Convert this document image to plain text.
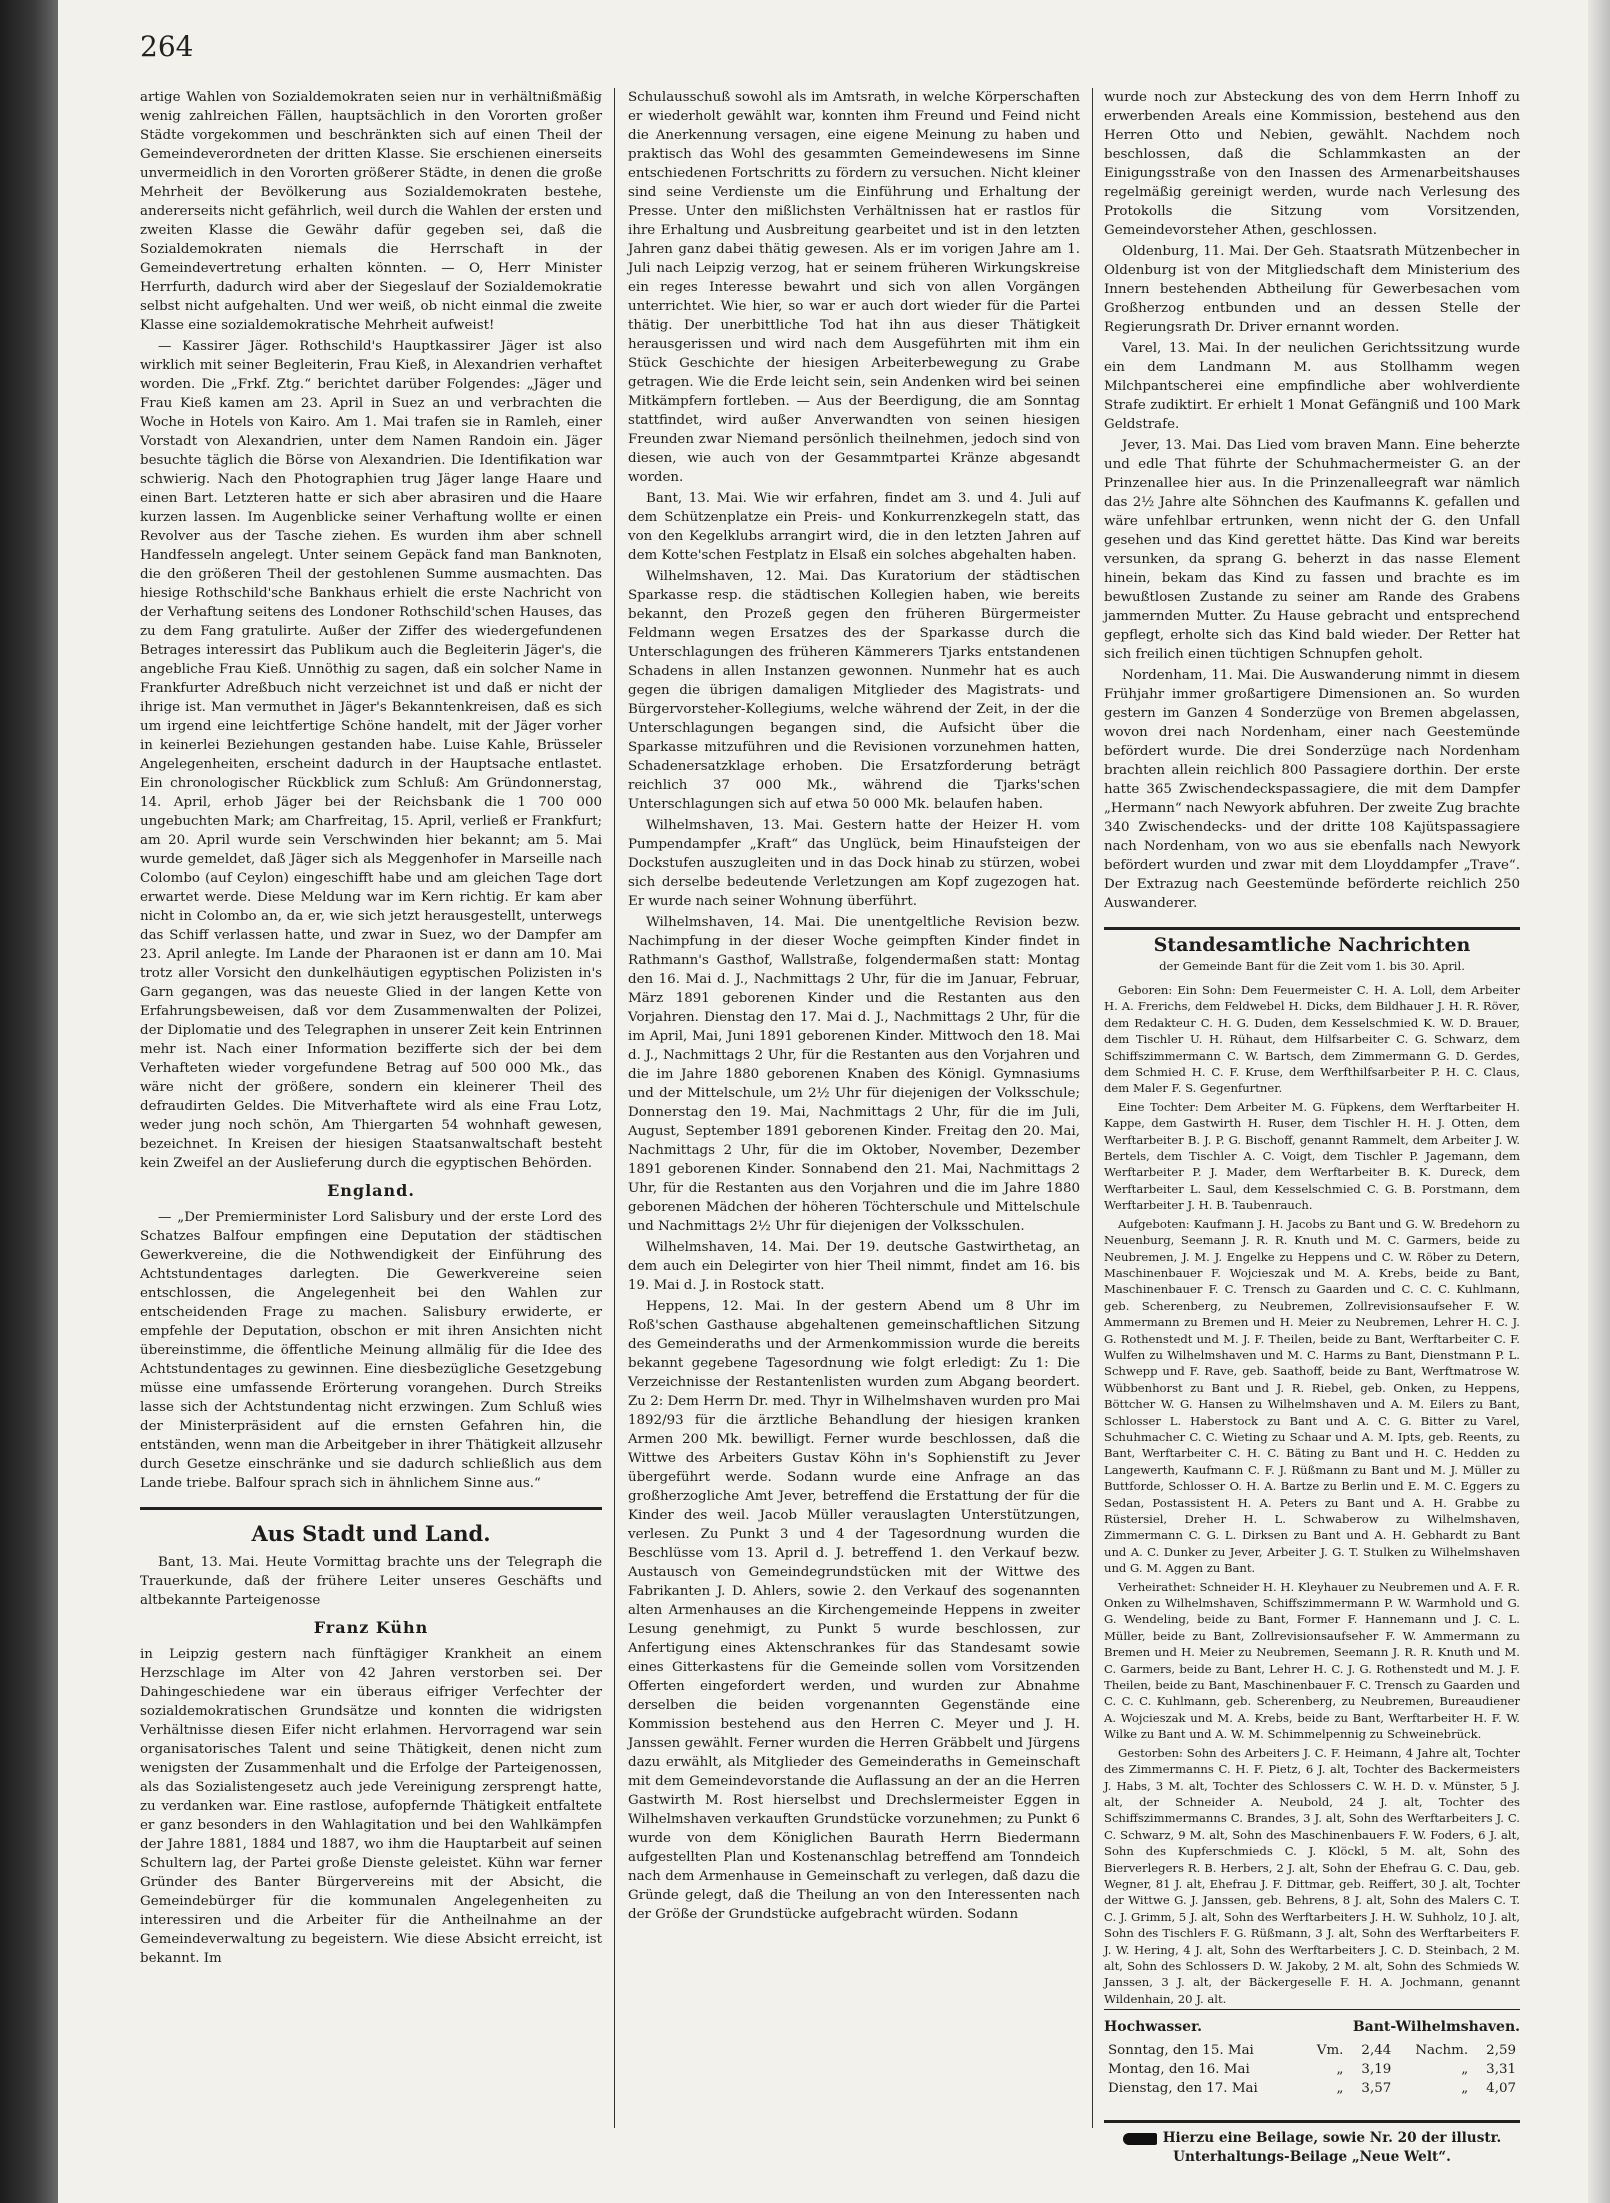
264

artige Wahlen von Sozialdemokraten seien nur in verhältnißmäßig wenig zahlreichen Fällen, hauptsächlich in den Vororten großer Städte vorgekommen und beschränkten sich auf einen Theil der Gemeindeverordneten der dritten Klasse. Sie erschienen einerseits unvermeidlich in den Vororten größerer Städte, in denen die große Mehrheit der Bevölkerung aus Sozialdemokraten bestehe, andererseits nicht gefährlich, weil durch die Wahlen der ersten und zweiten Klasse die Gewähr dafür gegeben sei, daß die Sozialdemokraten niemals die Herrschaft in der Gemeindevertretung erhalten könnten. — O, Herr Minister Herrfurth, dadurch wird aber der Siegeslauf der Sozialdemokratie selbst nicht aufgehalten. Und wer weiß, ob nicht einmal die zweite Klasse eine sozialdemokratische Mehrheit aufweist!

— Kassirer Jäger. Rothschild's Hauptkassirer Jäger ist also wirklich mit seiner Begleiterin, Frau Kieß, in Alexandrien verhaftet worden. Die „Frkf. Ztg.“ berichtet darüber Folgendes: „Jäger und Frau Kieß kamen am 23. April in Suez an und verbrachten die Woche in Hotels von Kairo. Am 1. Mai trafen sie in Ramleh, einer Vorstadt von Alexandrien, unter dem Namen Randoin ein. Jäger besuchte täglich die Börse von Alexandrien. Die Identifikation war schwierig. Nach den Photographien trug Jäger lange Haare und einen Bart. Letzteren hatte er sich aber abrasiren und die Haare kurzen lassen. Im Augenblicke seiner Verhaftung wollte er einen Revolver aus der Tasche ziehen. Es wurden ihm aber schnell Handfesseln angelegt. Unter seinem Gepäck fand man Banknoten, die den größeren Theil der gestohlenen Summe ausmachten. Das hiesige Rothschild'sche Bankhaus erhielt die erste Nachricht von der Verhaftung seitens des Londoner Rothschild'schen Hauses, das zu dem Fang gratulirte. Außer der Ziffer des wiedergefundenen Betrages interessirt das Publikum auch die Begleiterin Jäger's, die angebliche Frau Kieß. Unnöthig zu sagen, daß ein solcher Name in Frankfurter Adreßbuch nicht verzeichnet ist und daß er nicht der ihrige ist. Man vermuthet in Jäger's Bekanntenkreisen, daß es sich um irgend eine leichtfertige Schöne handelt, mit der Jäger vorher in keinerlei Beziehungen gestanden habe. Luise Kahle, Brüsseler Angelegenheiten, erscheint dadurch in der Hauptsache entlastet. Ein chronologischer Rückblick zum Schluß: Am Gründonnerstag, 14. April, erhob Jäger bei der Reichsbank die 1 700 000 ungebuchten Mark; am Charfreitag, 15. April, verließ er Frankfurt; am 20. April wurde sein Verschwinden hier bekannt; am 5. Mai wurde gemeldet, daß Jäger sich als Meggenhofer in Marseille nach Colombo (auf Ceylon) eingeschifft habe und am gleichen Tage dort erwartet werde. Diese Meldung war im Kern richtig. Er kam aber nicht in Colombo an, da er, wie sich jetzt herausgestellt, unterwegs das Schiff verlassen hatte, und zwar in Suez, wo der Dampfer am 23. April anlegte. Im Lande der Pharaonen ist er dann am 10. Mai trotz aller Vorsicht den dunkelhäutigen egyptischen Polizisten in's Garn gegangen, was das neueste Glied in der langen Kette von Erfahrungsbeweisen, daß vor dem Zusammenwalten der Polizei, der Diplomatie und des Telegraphen in unserer Zeit kein Entrinnen mehr ist. Nach einer Information bezifferte sich der bei dem Verhafteten wieder vorgefundene Betrag auf 500 000 Mk., das wäre nicht der größere, sondern ein kleinerer Theil des defraudirten Geldes. Die Mitverhaftete wird als eine Frau Lotz, weder jung noch schön, Am Thiergarten 54 wohnhaft gewesen, bezeichnet. In Kreisen der hiesigen Staatsanwaltschaft besteht kein Zweifel an der Auslieferung durch die egyptischen Behörden.

England.

— „Der Premierminister Lord Salisbury und der erste Lord des Schatzes Balfour empfingen eine Deputation der städtischen Gewerkvereine, die die Nothwendigkeit der Einführung des Achtstundentages darlegten. Die Gewerkvereine seien entschlossen, die Angelegenheit bei den Wahlen zur entscheidenden Frage zu machen. Salisbury erwiderte, er empfehle der Deputation, obschon er mit ihren Ansichten nicht übereinstimme, die öffentliche Meinung allmälig für die Idee des Achtstundentages zu gewinnen. Eine diesbezügliche Gesetzgebung müsse eine umfassende Erörterung vorangehen. Durch Streiks lasse sich der Achtstundentag nicht erzwingen. Zum Schluß wies der Ministerpräsident auf die ernsten Gefahren hin, die entständen, wenn man die Arbeitgeber in ihrer Thätigkeit allzusehr durch Gesetze einschränke und sie dadurch schließlich aus dem Lande triebe. Balfour sprach sich in ähnlichem Sinne aus.“

Aus Stadt und Land.

Bant, 13. Mai. Heute Vormittag brachte uns der Telegraph die Trauerkunde, daß der frühere Leiter unseres Geschäfts und altbekannte Parteigenosse

Franz Kühn

in Leipzig gestern nach fünftägiger Krankheit an einem Herzschlage im Alter von 42 Jahren verstorben sei. Der Dahingeschiedene war ein überaus eifriger Verfechter der sozialdemokratischen Grundsätze und konnten die widrigsten Verhältnisse diesen Eifer nicht erlahmen. Hervorragend war sein organisatorisches Talent und seine Thätigkeit, denen nicht zum wenigsten der Zusammenhalt und die Erfolge der Parteigenossen, als das Sozialistengesetz auch jede Vereinigung zersprengt hatte, zu verdanken war. Eine rastlose, aufopfernde Thätigkeit entfaltete er ganz besonders in den Wahlagitation und bei den Wahlkämpfen der Jahre 1881, 1884 und 1887, wo ihm die Hauptarbeit auf seinen Schultern lag, der Partei große Dienste geleistet. Kühn war ferner Gründer des Banter Bürgervereins mit der Absicht, die Gemeindebürger für die kommunalen Angelegenheiten zu interessiren und die Arbeiter für die Antheilnahme an der Gemeindeverwaltung zu begeistern. Wie diese Absicht erreicht, ist bekannt. Im

Schulausschuß sowohl als im Amtsrath, in welche Körperschaften er wiederholt gewählt war, konnten ihm Freund und Feind nicht die Anerkennung versagen, eine eigene Meinung zu haben und praktisch das Wohl des gesammten Gemeindewesens im Sinne entschiedenen Fortschritts zu fördern zu versuchen. Nicht kleiner sind seine Verdienste um die Einführung und Erhaltung der Presse. Unter den mißlichsten Verhältnissen hat er rastlos für ihre Erhaltung und Ausbreitung gearbeitet und ist in den letzten Jahren ganz dabei thätig gewesen. Als er im vorigen Jahre am 1. Juli nach Leipzig verzog, hat er seinem früheren Wirkungskreise ein reges Interesse bewahrt und sich von allen Vorgängen unterrichtet. Wie hier, so war er auch dort wieder für die Partei thätig. Der unerbittliche Tod hat ihn aus dieser Thätigkeit herausgerissen und wird nach dem Ausgeführten mit ihm ein Stück Geschichte der hiesigen Arbeiterbewegung zu Grabe getragen. Wie die Erde leicht sein, sein Andenken wird bei seinen Mitkämpfern fortleben. — Aus der Beerdigung, die am Sonntag stattfindet, wird außer Anverwandten von seinen hiesigen Freunden zwar Niemand persönlich theilnehmen, jedoch sind von diesen, wie auch von der Gesammtpartei Kränze abgesandt worden.

Bant, 13. Mai. Wie wir erfahren, findet am 3. und 4. Juli auf dem Schützenplatze ein Preis- und Konkurrenzkegeln statt, das von den Kegelklubs arrangirt wird, die in den letzten Jahren auf dem Kotte'schen Festplatz in Elsaß ein solches abgehalten haben.

Wilhelmshaven, 12. Mai. Das Kuratorium der städtischen Sparkasse resp. die städtischen Kollegien haben, wie bereits bekannt, den Prozeß gegen den früheren Bürgermeister Feldmann wegen Ersatzes des der Sparkasse durch die Unterschlagungen des früheren Kämmerers Tjarks entstandenen Schadens in allen Instanzen gewonnen. Nunmehr hat es auch gegen die übrigen damaligen Mitglieder des Magistrats- und Bürgervorsteher-Kollegiums, welche während der Zeit, in der die Unterschlagungen begangen sind, die Aufsicht über die Sparkasse mitzuführen und die Revisionen vorzunehmen hatten, Schadenersatzklage erhoben. Die Ersatzforderung beträgt reichlich 37 000 Mk., während die Tjarks'schen Unterschlagungen sich auf etwa 50 000 Mk. belaufen haben.

Wilhelmshaven, 13. Mai. Gestern hatte der Heizer H. vom Pumpendampfer „Kraft“ das Unglück, beim Hinaufsteigen der Dockstufen auszugleiten und in das Dock hinab zu stürzen, wobei sich derselbe bedeutende Verletzungen am Kopf zugezogen hat. Er wurde nach seiner Wohnung überführt.

Wilhelmshaven, 14. Mai. Die unentgeltliche Revision bezw. Nachimpfung in der dieser Woche geimpften Kinder findet in Rathmann's Gasthof, Wallstraße, folgendermaßen statt: Montag den 16. Mai d. J., Nachmittags 2 Uhr, für die im Januar, Februar, März 1891 geborenen Kinder und die Restanten aus den Vorjahren. Dienstag den 17. Mai d. J., Nachmittags 2 Uhr, für die im April, Mai, Juni 1891 geborenen Kinder. Mittwoch den 18. Mai d. J., Nachmittags 2 Uhr, für die Restanten aus den Vorjahren und die im Jahre 1880 geborenen Knaben des Königl. Gymnasiums und der Mittelschule, um 2½ Uhr für diejenigen der Volksschule; Donnerstag den 19. Mai, Nachmittags 2 Uhr, für die im Juli, August, September 1891 geborenen Kinder. Freitag den 20. Mai, Nachmittags 2 Uhr, für die im Oktober, November, Dezember 1891 geborenen Kinder. Sonnabend den 21. Mai, Nachmittags 2 Uhr, für die Restanten aus den Vorjahren und die im Jahre 1880 geborenen Mädchen der höheren Töchterschule und Mittelschule und Nachmittags 2½ Uhr für diejenigen der Volksschulen.

Wilhelmshaven, 14. Mai. Der 19. deutsche Gastwirthetag, an dem auch ein Delegirter von hier Theil nimmt, findet am 16. bis 19. Mai d. J. in Rostock statt.

Heppens, 12. Mai. In der gestern Abend um 8 Uhr im Roß'schen Gasthause abgehaltenen gemeinschaftlichen Sitzung des Gemeinderaths und der Armenkommission wurde die bereits bekannt gegebene Tagesordnung wie folgt erledigt: Zu 1: Die Verzeichnisse der Restantenlisten wurden zum Abgang beordert. Zu 2: Dem Herrn Dr. med. Thyr in Wilhelmshaven wurden pro Mai 1892/93 für die ärztliche Behandlung der hiesigen kranken Armen 200 Mk. bewilligt. Ferner wurde beschlossen, daß die Wittwe des Arbeiters Gustav Köhn in's Sophienstift zu Jever übergeführt werde. Sodann wurde eine Anfrage an das großherzogliche Amt Jever, betreffend die Erstattung der für die Kinder des weil. Jacob Müller verauslagten Unterstützungen, verlesen. Zu Punkt 3 und 4 der Tagesordnung wurden die Beschlüsse vom 13. April d. J. betreffend 1. den Verkauf bezw. Austausch von Gemeindegrundstücken mit der Wittwe des Fabrikanten J. D. Ahlers, sowie 2. den Verkauf des sogenannten alten Armenhauses an die Kirchengemeinde Heppens in zweiter Lesung genehmigt, zu Punkt 5 wurde beschlossen, zur Anfertigung eines Aktenschrankes für das Standesamt sowie eines Gitterkastens für die Gemeinde sollen vom Vorsitzenden Offerten eingefordert werden, und wurden zur Abnahme derselben die beiden vorgenannten Gegenstände eine Kommission bestehend aus den Herren C. Meyer und J. H. Janssen gewählt. Ferner wurden die Herren Gräbbelt und Jürgens dazu erwählt, als Mitglieder des Gemeinderaths in Gemeinschaft mit dem Gemeindevorstande die Auflassung an der an die Herren Gastwirth M. Rost hierselbst und Drechslermeister Eggen in Wilhelmshaven verkauften Grundstücke vorzunehmen; zu Punkt 6 wurde von dem Königlichen Baurath Herrn Biedermann aufgestellten Plan und Kostenanschlag betreffend am Tonndeich nach dem Armenhause in Gemeinschaft zu verlegen, daß dazu die Gründe gelegt, daß die Theilung an von den Interessenten nach der Größe der Grundstücke aufgebracht würden. Sodann

wurde noch zur Absteckung des von dem Herrn Inhoff zu erwerbenden Areals eine Kommission, bestehend aus den Herren Otto und Nebien, gewählt. Nachdem noch beschlossen, daß die Schlammkasten an der Einigungsstraße von den Inassen des Armenarbeitshauses regelmäßig gereinigt werden, wurde nach Verlesung des Protokolls die Sitzung vom Vorsitzenden, Gemeindevorsteher Athen, geschlossen.

Oldenburg, 11. Mai. Der Geh. Staatsrath Mützenbecher in Oldenburg ist von der Mitgliedschaft dem Ministerium des Innern bestehenden Abtheilung für Gewerbesachen vom Großherzog entbunden und an dessen Stelle der Regierungsrath Dr. Driver ernannt worden.

Varel, 13. Mai. In der neulichen Gerichtssitzung wurde ein dem Landmann M. aus Stollhamm wegen Milchpantscherei eine empfindliche aber wohlverdiente Strafe zudiktirt. Er erhielt 1 Monat Gefängniß und 100 Mark Geldstrafe.

Jever, 13. Mai. Das Lied vom braven Mann. Eine beherzte und edle That führte der Schuhmachermeister G. an der Prinzenallee hier aus. In die Prinzenalleegraft war nämlich das 2½ Jahre alte Söhnchen des Kaufmanns K. gefallen und wäre unfehlbar ertrunken, wenn nicht der G. den Unfall gesehen und das Kind gerettet hätte. Das Kind war bereits versunken, da sprang G. beherzt in das nasse Element hinein, bekam das Kind zu fassen und brachte es im bewußtlosen Zustande zu seiner am Rande des Grabens jammernden Mutter. Zu Hause gebracht und entsprechend gepflegt, erholte sich das Kind bald wieder. Der Retter hat sich freilich einen tüchtigen Schnupfen geholt.

Nordenham, 11. Mai. Die Auswanderung nimmt in diesem Frühjahr immer großartigere Dimensionen an. So wurden gestern im Ganzen 4 Sonderzüge von Bremen abgelassen, wovon drei nach Nordenham, einer nach Geestemünde befördert wurde. Die drei Sonderzüge nach Nordenham brachten allein reichlich 800 Passagiere dorthin. Der erste hatte 365 Zwischendeckspassagiere, die mit dem Dampfer „Hermann“ nach Newyork abfuhren. Der zweite Zug brachte 340 Zwischendecks- und der dritte 108 Kajütspassagiere nach Nordenham, von wo aus sie ebenfalls nach Newyork befördert wurden und zwar mit dem Lloyddampfer „Trave“. Der Extrazug nach Geestemünde beförderte reichlich 250 Auswanderer.

Standesamtliche Nachrichten
der Gemeinde Bant für die Zeit vom 1. bis 30. April.

Geboren: Ein Sohn: Dem Feuermeister C. H. A. Loll, dem Arbeiter H. A. Frerichs, dem Feldwebel H. Dicks, dem Bildhauer J. H. R. Röver, dem Redakteur C. H. G. Duden, dem Kesselschmied K. W. D. Brauer, dem Tischler U. H. Rühaut, dem Hilfsarbeiter C. G. Schwarz, dem Schiffszimmermann C. W. Bartsch, dem Zimmermann G. D. Gerdes, dem Schmied H. C. F. Kruse, dem Werfthilfsarbeiter P. H. C. Claus, dem Maler F. S. Gegenfurtner.

Eine Tochter: Dem Arbeiter M. G. Füpkens, dem Werftarbeiter H. Kappe, dem Gastwirth H. Ruser, dem Tischler H. H. J. Otten, dem Werftarbeiter B. J. P. G. Bischoff, genannt Rammelt, dem Arbeiter J. W. Bertels, dem Tischler A. C. Voigt, dem Tischler P. Jagemann, dem Werftarbeiter P. J. Mader, dem Werftarbeiter B. K. Dureck, dem Werftarbeiter L. Saul, dem Kesselschmied C. G. B. Porstmann, dem Werftarbeiter J. H. B. Taubenrauch.

Aufgeboten: Kaufmann J. H. Jacobs zu Bant und G. W. Bredehorn zu Neuenburg, Seemann J. R. R. Knuth und M. C. Garmers, beide zu Neubremen, J. M. J. Engelke zu Heppens und C. W. Röber zu Detern, Maschinenbauer F. Wojcieszak und M. A. Krebs, beide zu Bant, Maschinenbauer F. C. Trensch zu Gaarden und C. C. C. Kuhlmann, geb. Scherenberg, zu Neubremen, Zollrevisionsaufseher F. W. Ammermann zu Bremen und H. Meier zu Neubremen, Lehrer H. C. J. G. Rothenstedt und M. J. F. Theilen, beide zu Bant, Werftarbeiter C. F. Wulfen zu Wilhelmshaven und M. C. Harms zu Bant, Dienstmann P. L. Schwepp und F. Rave, geb. Saathoff, beide zu Bant, Werftmatrose W. Wübbenhorst zu Bant und J. R. Riebel, geb. Onken, zu Heppens, Böttcher W. G. Hansen zu Wilhelmshaven und A. M. Eilers zu Bant, Schlosser L. Haberstock zu Bant und A. C. G. Bitter zu Varel, Schuhmacher C. C. Wieting zu Schaar und A. M. Ipts, geb. Reents, zu Bant, Werftarbeiter C. H. C. Bäting zu Bant und H. C. Hedden zu Langewerth, Kaufmann C. F. J. Rüßmann zu Bant und M. J. Müller zu Buttforde, Schlosser O. H. A. Bartze zu Berlin und E. M. C. Eggers zu Sedan, Postassistent H. A. Peters zu Bant und A. H. Grabbe zu Rüstersiel, Dreher H. L. Schwaberow zu Wilhelmshaven, Zimmermann C. G. L. Dirksen zu Bant und A. H. Gebhardt zu Bant und A. C. Dunker zu Jever, Arbeiter J. G. T. Stulken zu Wilhelmshaven und G. M. Aggen zu Bant.

Verheirathet: Schneider H. H. Kleyhauer zu Neubremen und A. F. R. Onken zu Wilhelmshaven, Schiffszimmermann P. W. Warmhold und G. G. Wendeling, beide zu Bant, Former F. Hannemann und J. C. L. Müller, beide zu Bant, Zollrevisionsaufseher F. W. Ammermann zu Bremen und H. Meier zu Neubremen, Seemann J. R. R. Knuth und M. C. Garmers, beide zu Bant, Lehrer H. C. J. G. Rothenstedt und M. J. F. Theilen, beide zu Bant, Maschinenbauer F. C. Trensch zu Gaarden und C. C. C. Kuhlmann, geb. Scherenberg, zu Neubremen, Bureaudiener A. Wojcieszak und M. A. Krebs, beide zu Bant, Werftarbeiter H. F. W. Wilke zu Bant und A. W. M. Schimmelpennig zu Schweinebrück.

Gestorben: Sohn des Arbeiters J. C. F. Heimann, 4 Jahre alt, Tochter des Zimmermanns C. H. F. Pietz, 6 J. alt, Tochter des Backermeisters J. Habs, 3 M. alt, Tochter des Schlossers C. W. H. D. v. Münster, 5 J. alt, der Schneider A. Neubold, 24 J. alt, Tochter des Schiffszimmermanns C. Brandes, 3 J. alt, Sohn des Werftarbeiters J. C. C. Schwarz, 9 M. alt, Sohn des Maschinenbauers F. W. Foders, 6 J. alt, Sohn des Kupferschmieds C. J. Klöckl, 5 M. alt, Sohn des Bierverlegers R. B. Herbers, 2 J. alt, Sohn der Ehefrau G. C. Dau, geb. Wegner, 81 J. alt, Ehefrau J. F. Dittmar, geb. Reiffert, 30 J. alt, Tochter der Wittwe G. J. Janssen, geb. Behrens, 8 J. alt, Sohn des Malers C. T. C. J. Grimm, 5 J. alt, Sohn des Werftarbeiters J. H. W. Suhholz, 10 J. alt, Sohn des Tischlers F. G. Rüßmann, 3 J. alt, Sohn des Werftarbeiters F. J. W. Hering, 4 J. alt, Sohn des Werftarbeiters J. C. D. Steinbach, 2 M. alt, Sohn des Schlossers D. W. Jakoby, 2 M. alt, Sohn des Schmieds W. Janssen, 3 J. alt, der Bäckergeselle F. H. A. Jochmann, genannt Wildenhain, 20 J. alt.

Hochwasser.	Bant-Wilhelmshaven.
Sonntag, den 15. Mai	Vm.	2,44	Nachm.	2,59
Montag, den 16. Mai	„	3,19	„	3,31
Dienstag, den 17. Mai	„	3,57	„	4,07
Hierzu eine Beilage, sowie Nr. 20 der illustr. Unterhaltungs-Beilage „Neue Welt“.
